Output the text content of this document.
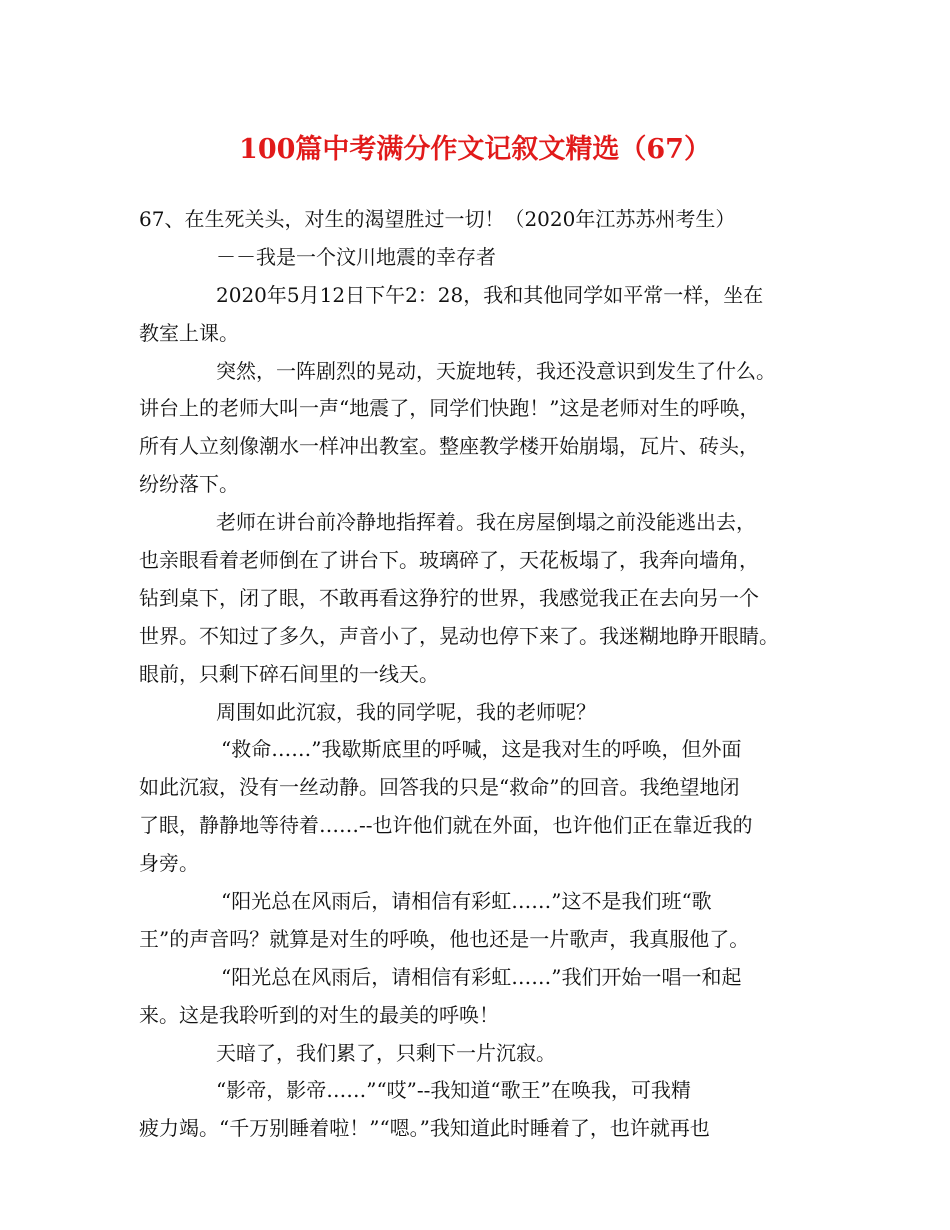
100篇中考满分作文记叙文精选（67）
67、在生死关头，对生的渴望胜过一切！（2020年江苏苏州考生）
－－我是一个汶川地震的幸存者
2020年5月12日下午2：28，我和其他同学如平常一样，坐在
教室上课。
突然，一阵剧烈的晃动，天旋地转，我还没意识到发生了什么。
讲台上的老师大叫一声“地震了，同学们快跑！”这是老师对生的呼唤，
所有人立刻像潮水一样冲出教室。整座教学楼开始崩塌，瓦片、砖头，
纷纷落下。
老师在讲台前冷静地指挥着。我在房屋倒塌之前没能逃出去，
也亲眼看着老师倒在了讲台下。玻璃碎了，天花板塌了，我奔向墙角，
钻到桌下，闭了眼，不敢再看这狰狞的世界，我感觉我正在去向另一个
世界。不知过了多久，声音小了，晃动也停下来了。我迷糊地睁开眼睛。
眼前，只剩下碎石间里的一线天。
周围如此沉寂，我的同学呢，我的老师呢？
“救命……”我歇斯底里的呼喊，这是我对生的呼唤，但外面
如此沉寂，没有一丝动静。回答我的只是“救命”的回音。我绝望地闭
了眼，静静地等待着……--也许他们就在外面，也许他们正在靠近我的
身旁。
“阳光总在风雨后，请相信有彩虹……”这不是我们班“歌
王”的声音吗？就算是对生的呼唤，他也还是一片歌声，我真服他了。
“阳光总在风雨后，请相信有彩虹……”我们开始一唱一和起
来。这是我聆听到的对生的最美的呼唤！
天暗了，我们累了，只剩下一片沉寂。
“影帝，影帝……”“哎”--我知道“歌王”在唤我，可我精
疲力竭。“千万别睡着啦！”“嗯。”我知道此时睡着了，也许就再也
